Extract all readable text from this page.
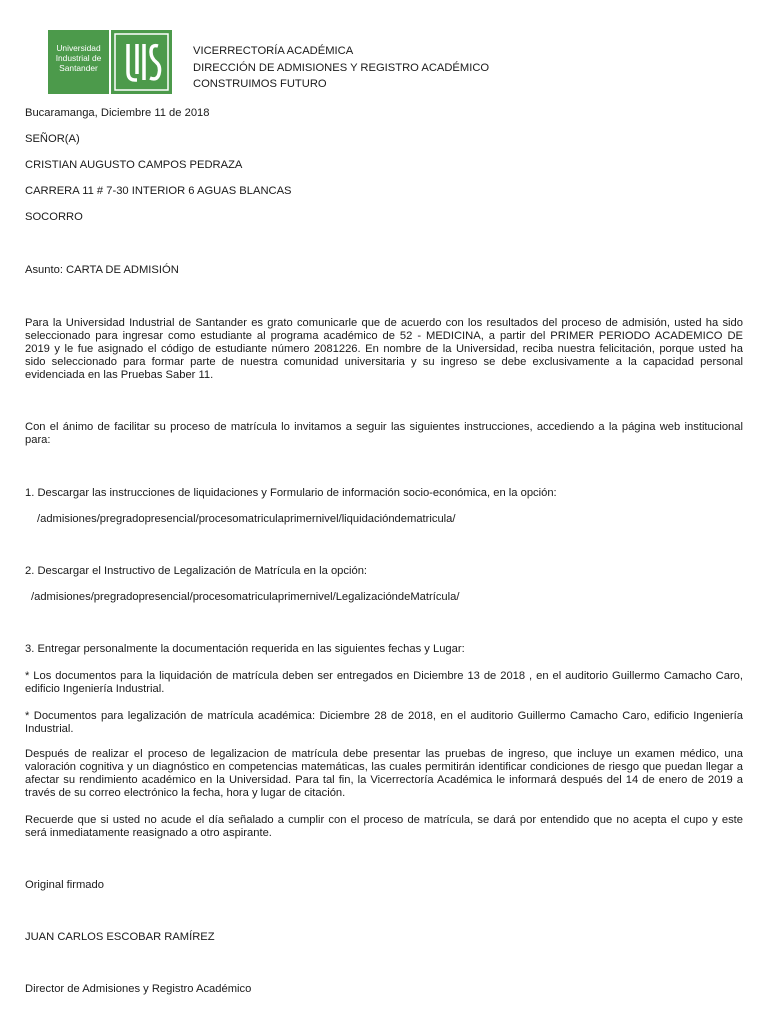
Universidad
Industrial de
Santander
VICERRECTORÍA ACADÉMICA
DIRECCIÓN DE ADMISIONES Y REGISTRO ACADÉMICO
CONSTRUIMOS FUTURO
Bucaramanga, Diciembre 11 de 2018
SEÑOR(A)
CRISTIAN AUGUSTO CAMPOS PEDRAZA
CARRERA 11 # 7-30 INTERIOR 6 AGUAS BLANCAS
SOCORRO
Asunto: CARTA DE ADMISIÓN
Para la Universidad Industrial de Santander es grato comunicarle que de acuerdo con los resultados del proceso de admisión, usted ha sido
seleccionado para ingresar como estudiante al programa académico de 52 - MEDICINA, a partir del PRIMER PERIODO ACADEMICO DE
2019 y le fue asignado el código de estudiante número 2081226. En nombre de la Universidad, reciba nuestra felicitación, porque usted ha
sido seleccionado para formar parte de nuestra comunidad universitaria y su ingreso se debe exclusivamente a la capacidad personal
evidenciada en las Pruebas Saber 11.
Con el ánimo de facilitar su proceso de matrícula lo invitamos a seguir las siguientes instrucciones, accediendo a la página web institucional
para:
1. Descargar las instrucciones de liquidaciones y Formulario de información socio-económica, en la opción:
/admisiones/pregradopresencial/procesomatriculaprimernivel/liquidacióndematricula/
2. Descargar el Instructivo de Legalización de Matrícula en la opción:
/admisiones/pregradopresencial/procesomatriculaprimernivel/LegalizacióndeMatrícula/
3. Entregar personalmente la documentación requerida en las siguientes fechas y Lugar:
* Los documentos para la liquidación de matrícula deben ser entregados en Diciembre 13 de 2018 , en el auditorio Guillermo Camacho Caro,
edificio Ingeniería Industrial.
* Documentos para legalización de matrícula académica: Diciembre 28 de 2018, en el auditorio Guillermo Camacho Caro, edificio Ingeniería
Industrial.
Después de realizar el proceso de legalizacion de matrícula debe presentar las pruebas de ingreso, que incluye un examen médico, una
valoración cognitiva y un diagnóstico en competencias matemáticas, las cuales permitirán identificar condiciones de riesgo que puedan llegar a
afectar su rendimiento académico en la Universidad. Para tal fin, la Vicerrectoría Académica le informará después del 14 de enero de 2019 a
través de su correo electrónico la fecha, hora y lugar de citación.
Recuerde que si usted no acude el día señalado a cumplir con el proceso de matrícula, se dará por entendido que no acepta el cupo y este
será inmediatamente reasignado a otro aspirante.
Original firmado
JUAN CARLOS ESCOBAR RAMÍREZ
Director de Admisiones y Registro Académico
